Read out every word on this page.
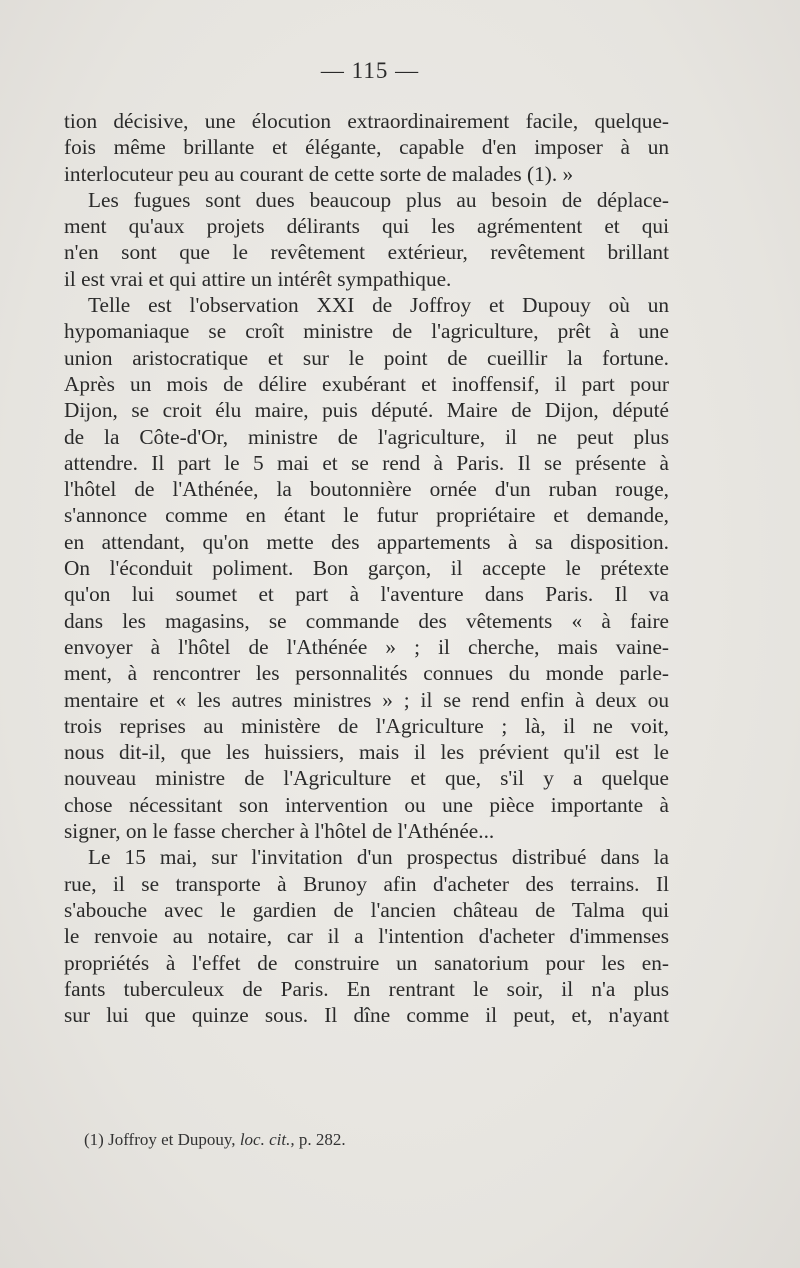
— 115 —
tion décisive, une élocution extraordinairement facile, quelque-
fois même brillante et élégante, capable d'en imposer à un
interlocuteur peu au courant de cette sorte de malades (1). »
Les fugues sont dues beaucoup plus au besoin de déplace-
ment qu'aux projets délirants qui les agrémentent et qui
n'en sont que le revêtement extérieur, revêtement brillant
il est vrai et qui attire un intérêt sympathique.
Telle est l'observation XXI de Joffroy et Dupouy où un
hypomaniaque se croît ministre de l'agriculture, prêt à une
union aristocratique et sur le point de cueillir la fortune.
Après un mois de délire exubérant et inoffensif, il part pour
Dijon, se croit élu maire, puis député. Maire de Dijon, député
de la Côte-d'Or, ministre de l'agriculture, il ne peut plus
attendre. Il part le 5 mai et se rend à Paris. Il se présente à
l'hôtel de l'Athénée, la boutonnière ornée d'un ruban rouge,
s'annonce comme en étant le futur propriétaire et demande,
en attendant, qu'on mette des appartements à sa disposition.
On l'éconduit poliment. Bon garçon, il accepte le prétexte
qu'on lui soumet et part à l'aventure dans Paris. Il va
dans les magasins, se commande des vêtements « à faire
envoyer à l'hôtel de l'Athénée » ; il cherche, mais vaine-
ment, à rencontrer les personnalités connues du monde parle-
mentaire et « les autres ministres » ; il se rend enfin à deux ou
trois reprises au ministère de l'Agriculture ; là, il ne voit,
nous dit-il, que les huissiers, mais il les prévient qu'il est le
nouveau ministre de l'Agriculture et que, s'il y a quelque
chose nécessitant son intervention ou une pièce importante à
signer, on le fasse chercher à l'hôtel de l'Athénée...
Le 15 mai, sur l'invitation d'un prospectus distribué dans la
rue, il se transporte à Brunoy afin d'acheter des terrains. Il
s'abouche avec le gardien de l'ancien château de Talma qui
le renvoie au notaire, car il a l'intention d'acheter d'immenses
propriétés à l'effet de construire un sanatorium pour les en-
fants tuberculeux de Paris. En rentrant le soir, il n'a plus
sur lui que quinze sous. Il dîne comme il peut, et, n'ayant
(1) Joffroy et Dupouy, loc. cit., p. 282.
